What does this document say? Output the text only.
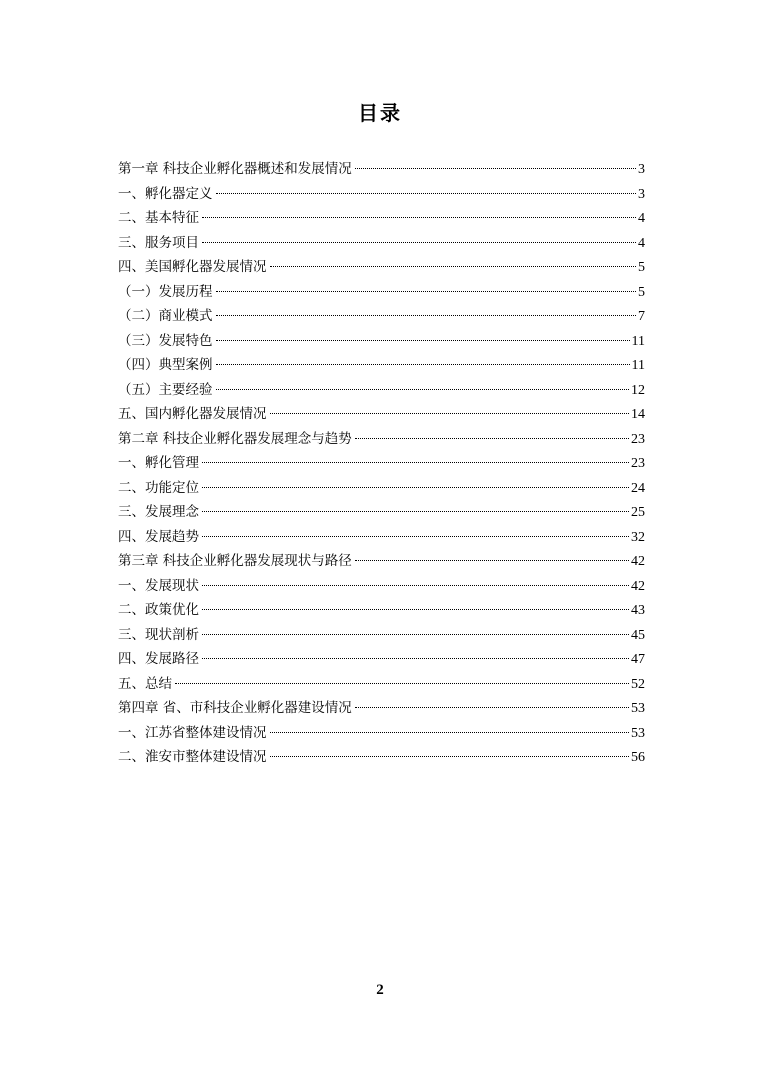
目录
第一章 科技企业孵化器概述和发展情况	3
一、孵化器定义	3
二、基本特征	4
三、服务项目	4
四、美国孵化器发展情况	5
（一）发展历程	5
（二）商业模式	7
（三）发展特色	11
（四）典型案例	11
（五）主要经验	12
五、国内孵化器发展情况	14
第二章 科技企业孵化器发展理念与趋势	23
一、孵化管理	23
二、功能定位	24
三、发展理念	25
四、发展趋势	32
第三章 科技企业孵化器发展现状与路径	42
一、发展现状	42
二、政策优化	43
三、现状剖析	45
四、发展路径	47
五、总结	52
第四章 省、市科技企业孵化器建设情况	53
一、江苏省整体建设情况	53
二、淮安市整体建设情况	56
2
